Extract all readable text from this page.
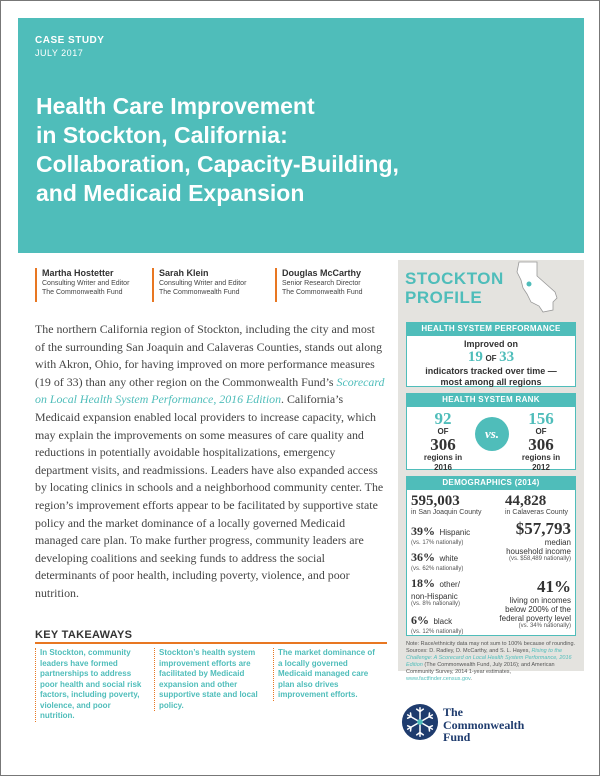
CASE STUDY
JULY 2017
Health Care Improvement
in Stockton, California:
Collaboration, Capacity-Building,
and Medicaid Expansion
Martha Hostetter
Consulting Writer and Editor
The Commonwealth Fund
Sarah Klein
Consulting Writer and Editor
The Commonwealth Fund
Douglas McCarthy
Senior Research Director
The Commonwealth Fund
The northern California region of Stockton, including the city and most of the surrounding San Joaquin and Calaveras Counties, stands out along with Akron, Ohio, for having improved on more performance measures (19 of 33) than any other region on the Commonwealth Fund’s Scorecard on Local Health System Performance, 2016 Edition. California’s Medicaid expansion enabled local providers to increase capacity, which may explain the improvements on some measures of care quality and reductions in potentially avoidable hospitalizations, emergency department visits, and readmissions. Leaders have also expanded access by locating clinics in schools and a neighborhood community center. The region’s improvement efforts appear to be facilitated by supportive state policy and the market dominance of a locally governed Medicaid managed care plan. To make further progress, community leaders are developing coalitions and seeking funds to address the social determinants of poor health, including poverty, violence, and poor nutrition.
KEY TAKEAWAYS
In Stockton, community leaders have formed partnerships to address poor health and social risk factors, including poverty, violence, and poor nutrition.
Stockton’s health system improvement efforts are facilitated by Medicaid expansion and other supportive state and local policy.
The market dominance of a locally governed Medicaid managed care plan also drives improvement efforts.
STOCKTON
PROFILE
HEALTH SYSTEM PERFORMANCE
Improved on
19 OF 33
indicators tracked over time —
most among all regions
HEALTH SYSTEM RANK
92
OF
306
regions in 2016
vs.
156
OF
306
regions in 2012
DEMOGRAPHICS (2014)
595,003
in San Joaquin County
44,828
in Calaveras County
39% Hispanic
(vs. 17% nationally)
36% white
(vs. 62% nationally)
18% other/
non-Hispanic
(vs. 8% nationally)
6% black
(vs. 12% nationally)
$57,793
median
household income
(vs. $58,489 nationally)
41%
living on incomes
below 200% of the
federal poverty level
(vs. 34% nationally)
Note: Race/ethnicity data may not sum to 100% because of rounding. Sources: D. Radley, D. McCarthy, and S. L. Hayes, Rising to the Challenge: A Scorecard on Local Health System Performance, 2016 Edition (The Commonwealth Fund, July 2016); and American Community Survey, 2014 1-year estimates, www.factfinder.census.gov.
The
Commonwealth
Fund
